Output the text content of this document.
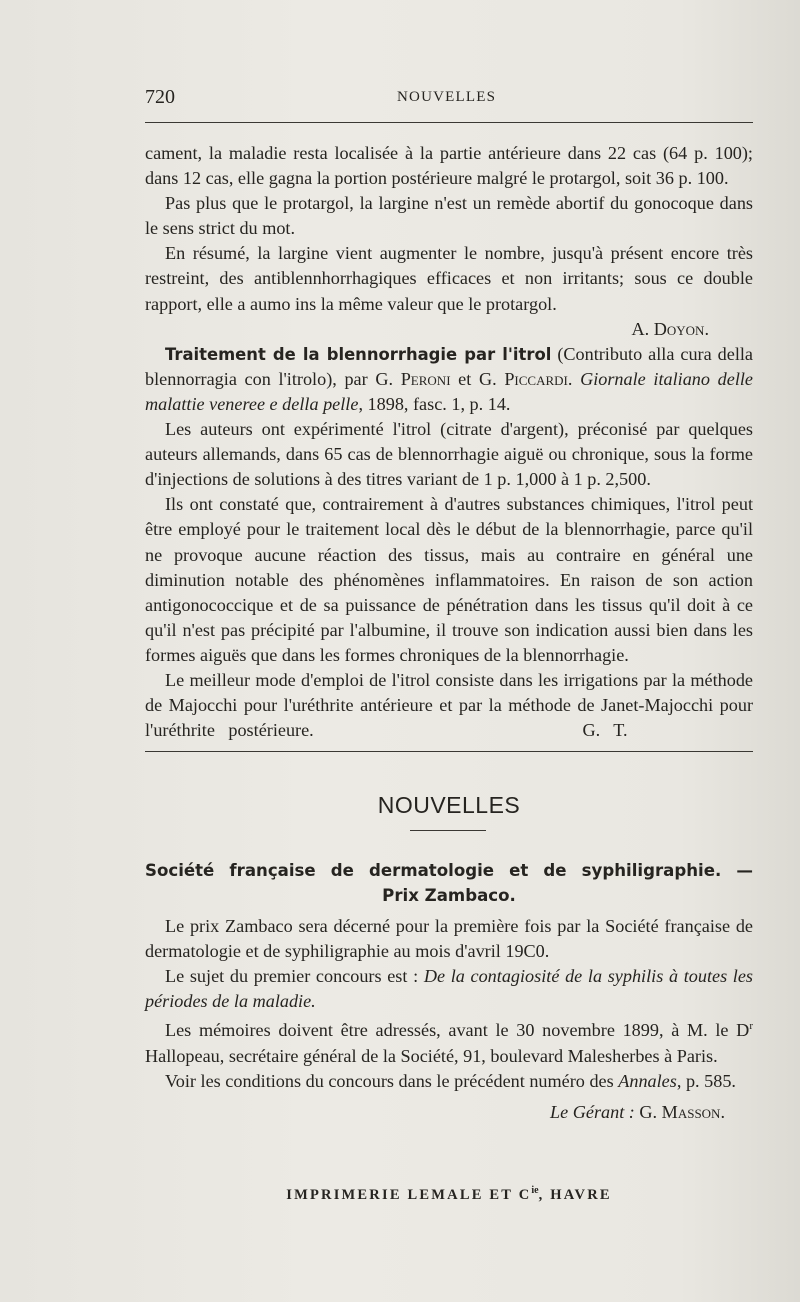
720	NOUVELLES

cament, la maladie resta localisée à la partie antérieure dans 22 cas (64 p. 100); dans 12 cas, elle gagna la portion postérieure malgré le protargol, soit 36 p. 100.

Pas plus que le protargol, la largine n'est un remède abortif du gonocoque dans le sens strict du mot.

En résumé, la largine vient augmenter le nombre, jusqu'à présent encore très restreint, des antiblennhorrhagiques efficaces et non irritants; sous ce double rapport, elle a aumo ins la même valeur que le protargol.

A. Doyon.

Traitement de la blennorrhagie par l'itrol (Contributo alla cura della blennorragia con l'itrolo), par G. Peroni et G. Piccardi. Giornale italiano delle malattie veneree e della pelle, 1898, fasc. 1, p. 14.

Les auteurs ont expérimenté l'itrol (citrate d'argent), préconisé par quelques auteurs allemands, dans 65 cas de blennorrhagie aiguë ou chronique, sous la forme d'injections de solutions à des titres variant de 1 p. 1,000 à 1 p. 2,500.

Ils ont constaté que, contrairement à d'autres substances chimiques, l'itrol peut être employé pour le traitement local dès le début de la blennorrhagie, parce qu'il ne provoque aucune réaction des tissus, mais au contraire en général une diminution notable des phénomènes inflammatoires. En raison de son action antigonococcique et de sa puissance de pénétration dans les tissus qu'il doit à ce qu'il n'est pas précipité par l'albumine, il trouve son indication aussi bien dans les formes aiguës que dans les formes chroniques de la blennorrhagie.

Le meilleur mode d'emploi de l'itrol consiste dans les irrigations par la méthode de Majocchi pour l'uréthrite antérieure et par la méthode de Janet-Majocchi pour l'uréthrite postérieure.	G. T.

NOUVELLES
Société française de dermatologie et de syphiligraphie. —
Prix Zambaco.

Le prix Zambaco sera décerné pour la première fois par la Société française de dermatologie et de syphiligraphie au mois d'avril 19C0.

Le sujet du premier concours est : De la contagiosité de la syphilis à toutes les périodes de la maladie.

Les mémoires doivent être adressés, avant le 30 novembre 1899, à M. le $D^r$ Hallopeau, secrétaire général de la Société, 91, boulevard Malesherbes à Paris.

Voir les conditions du concours dans le précédent numéro des Annales, p. 585.

Le Gérant : G. Masson.

IMPRIMERIE LEMALE ET $C^{ie}$, HAVRE
